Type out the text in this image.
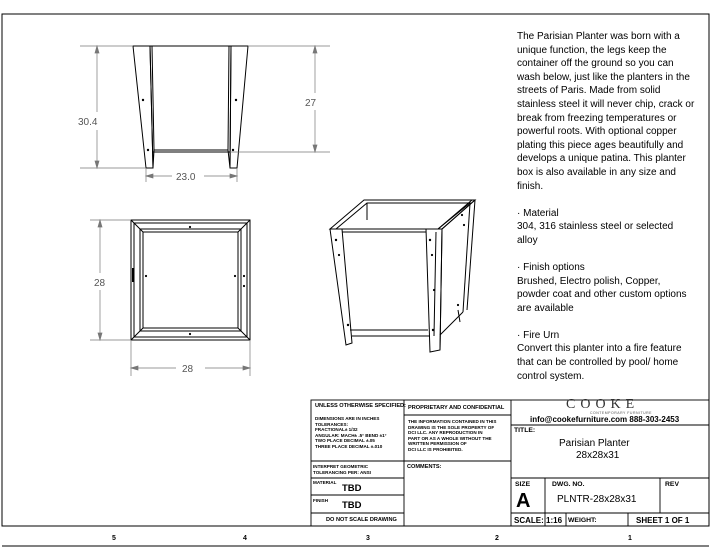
30.4
27
23.0
28
28
5	4	3	2	1

The Parisian Planter was born with a unique function, the legs keep the container off the ground so you can wash below, just like the planters in the streets of Paris. Made from solid stainless steel it will never chip, crack or break from freezing temperatures or powerful roots. With optional copper plating this piece ages beautifully and develops a unique patina. This planter box is also available in any size and finish.

· Material
304, 316 stainless steel or selected alloy

· Finish options
Brushed, Electro polish, Copper, powder coat and other custom options are available

· Fire Urn
Convert this planter into a fire feature that can be controlled by pool/ home control system.

UNLESS OTHERWISE SPECIFIED:
DIMENSIONS ARE IN INCHES
TOLERANCES:
FRACTIONAL± 1/32
ANGULAR: MACH± .5° BEND ±1°
TWO PLACE DECIMAL ±.05
THREE PLACE DECIMAL ±.010
INTERPRET GEOMETRIC
TOLERANCING PER: ANSI
MATERIAL
TBD
FINISH TBD
DO NOT SCALE DRAWING
PROPRIETARY AND CONFIDENTIAL
THE INFORMATION CONTAINED IN THIS
DRAWING IS THE SOLE PROPERTY OF
DCI LLC. ANY REPRODUCTION IN
PART OR AS A WHOLE WITHOUT THE
WRITTEN PERMISSION OF
DCI LLC IS PROHIBITED.
COMMENTS:
COOKE
CONTEMPORARY FURNITURE
info@cookefurniture.com 888-303-2453
TITLE:
Parisian Planter
28x28x31
SIZE
A
DWG. NO.
PLNTR-28x28x31
REV
SCALE: 1:16 WEIGHT:	SHEET 1 OF 1
